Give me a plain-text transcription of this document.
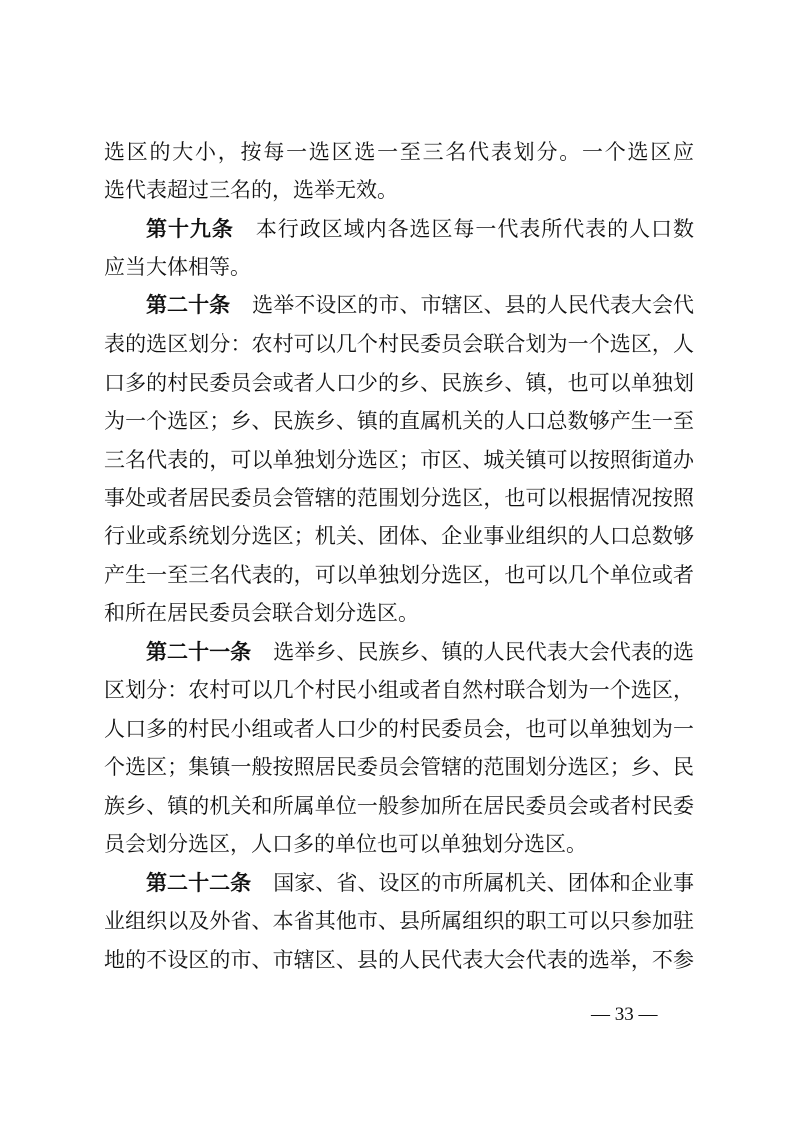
选区的大小，按每一选区选一至三名代表划分。一个选区应
选代表超过三名的，选举无效。
第十九条 本行政区域内各选区每一代表所代表的人口数
应当大体相等。
第二十条 选举不设区的市、市辖区、县的人民代表大会代
表的选区划分：农村可以几个村民委员会联合划为一个选区，人
口多的村民委员会或者人口少的乡、民族乡、镇，也可以单独划
为一个选区；乡、民族乡、镇的直属机关的人口总数够产生一至
三名代表的，可以单独划分选区；市区、城关镇可以按照街道办
事处或者居民委员会管辖的范围划分选区，也可以根据情况按照
行业或系统划分选区；机关、团体、企业事业组织的人口总数够
产生一至三名代表的，可以单独划分选区，也可以几个单位或者
和所在居民委员会联合划分选区。
第二十一条 选举乡、民族乡、镇的人民代表大会代表的选
区划分：农村可以几个村民小组或者自然村联合划为一个选区，
人口多的村民小组或者人口少的村民委员会，也可以单独划为一
个选区；集镇一般按照居民委员会管辖的范围划分选区；乡、民
族乡、镇的机关和所属单位一般参加所在居民委员会或者村民委
员会划分选区，人口多的单位也可以单独划分选区。
第二十二条 国家、省、设区的市所属机关、团体和企业事
业组织以及外省、本省其他市、县所属组织的职工可以只参加驻
地的不设区的市、市辖区、县的人民代表大会代表的选举，不参
— 33 —
